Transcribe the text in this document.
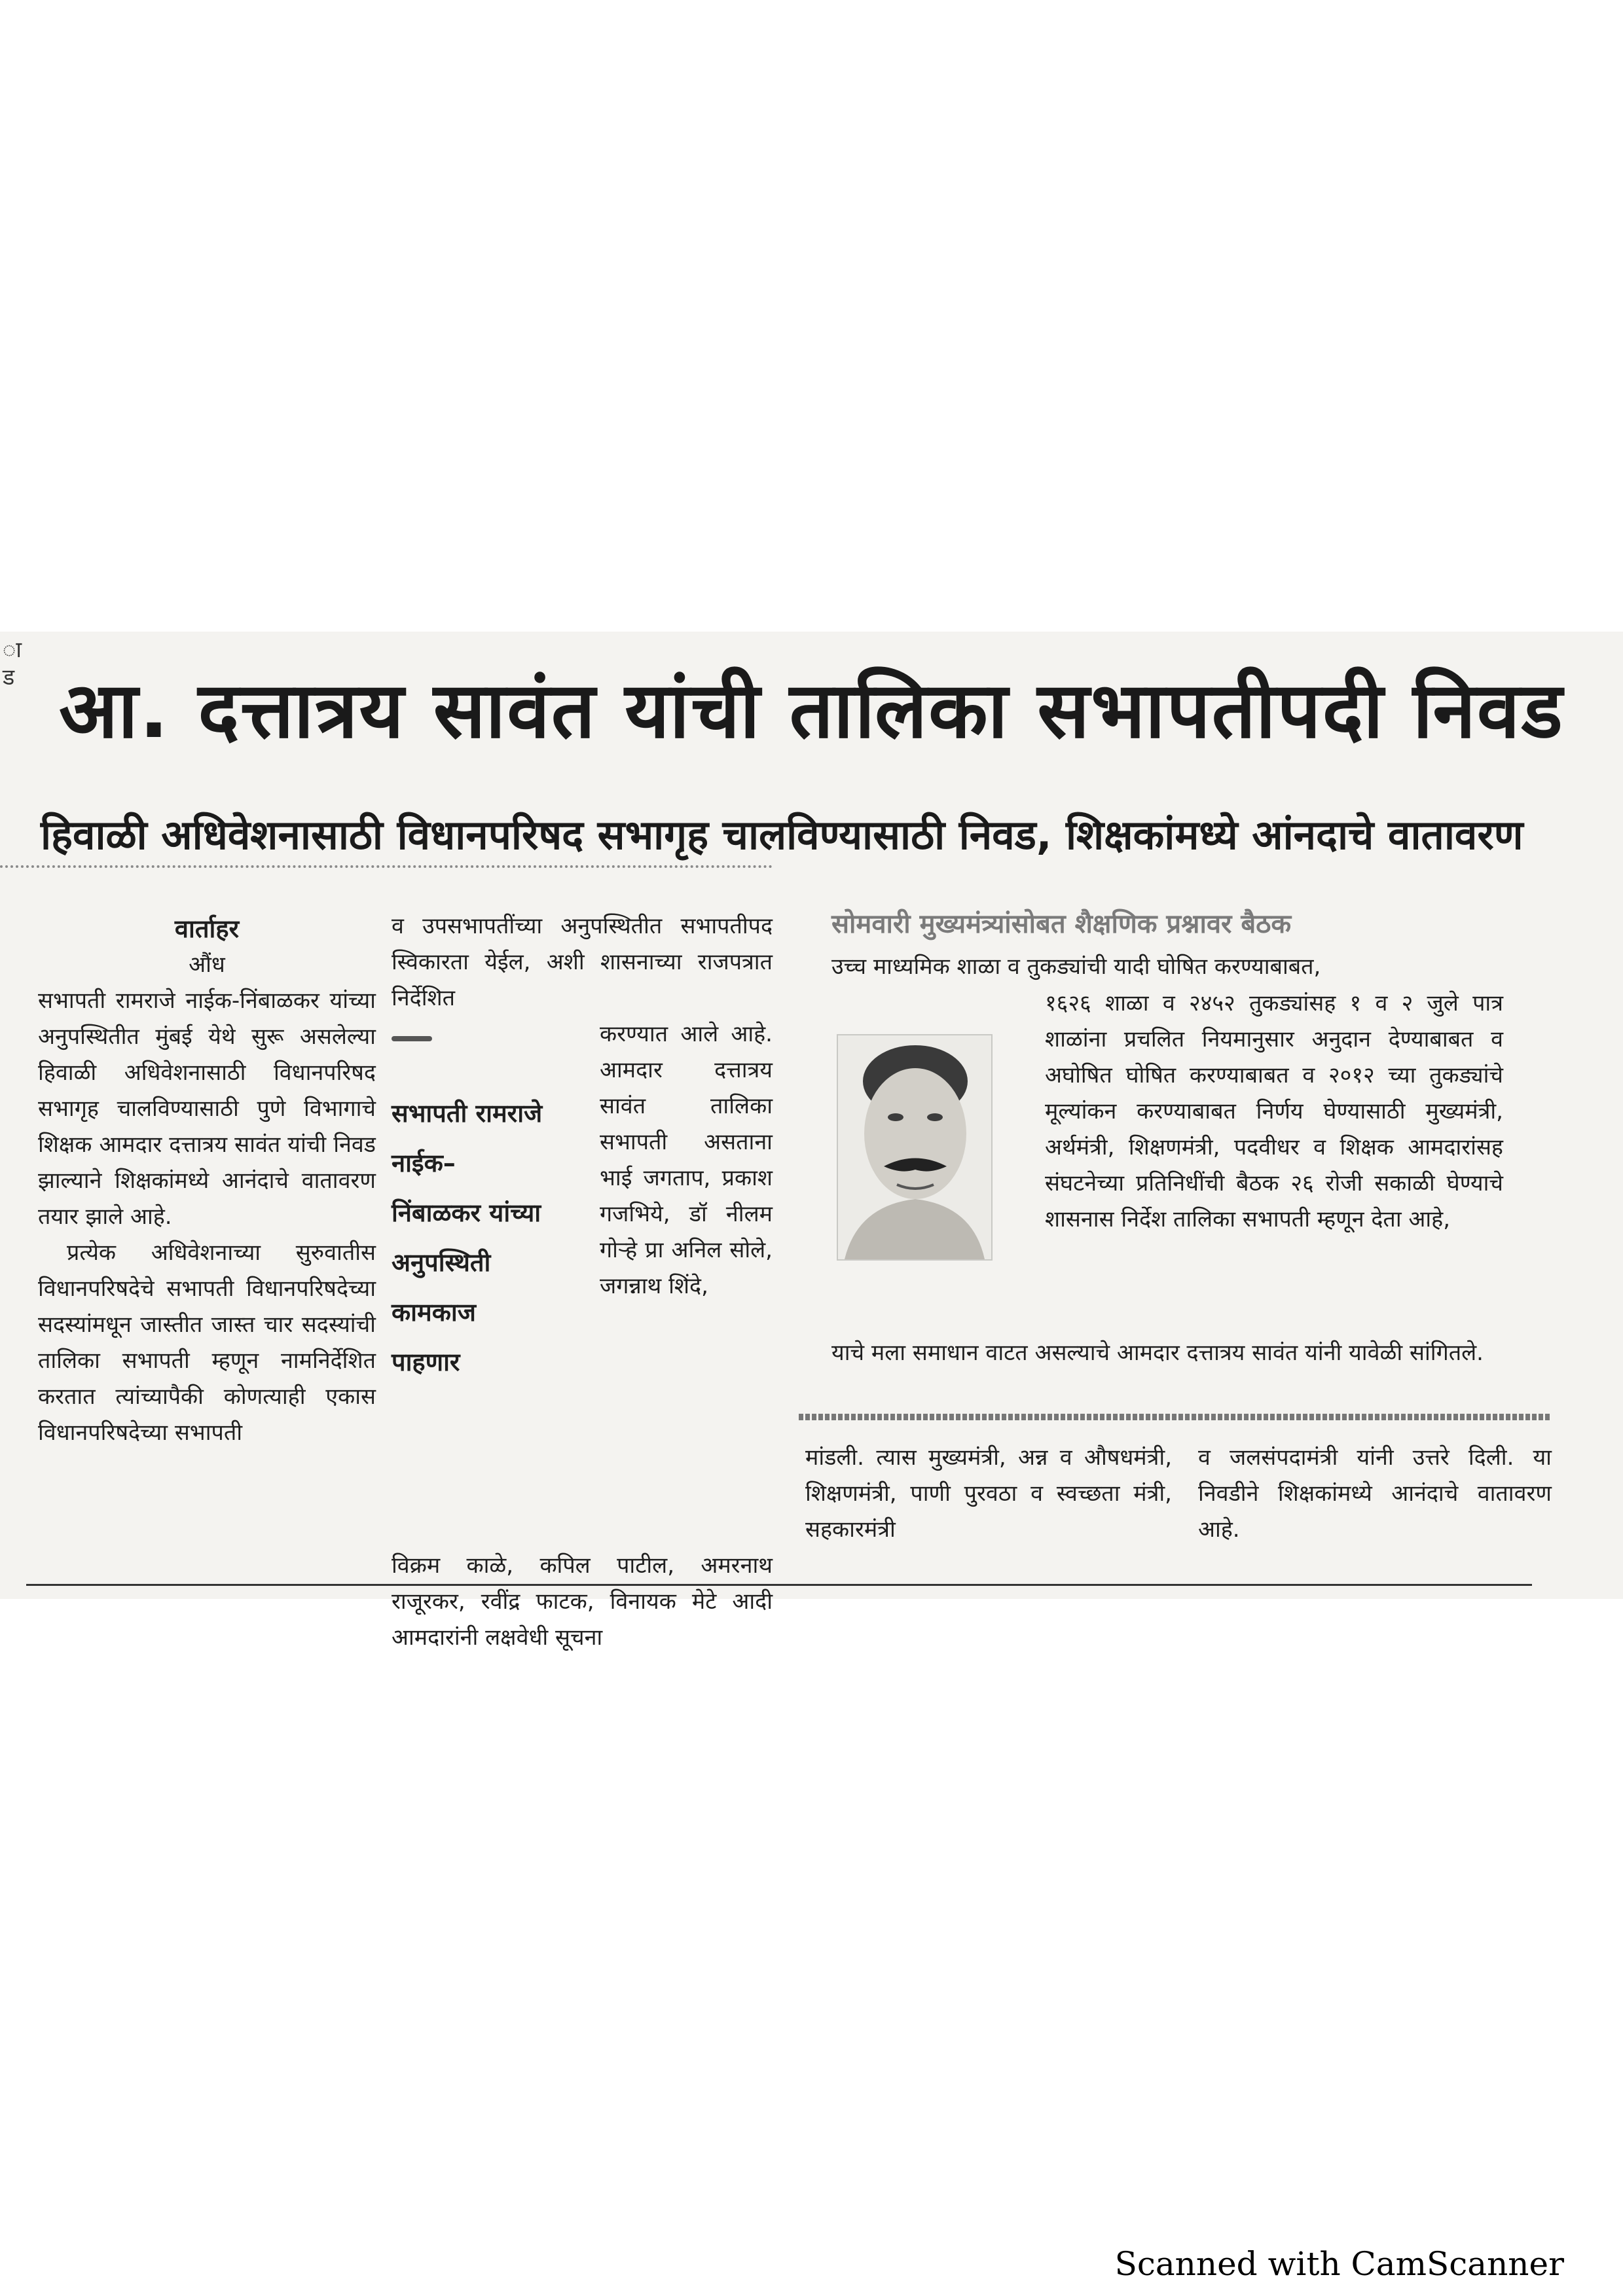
ा
ड आ. दत्तात्रय सावंत यांची तालिका सभापतीपदी निवड
हिवाळी अधिवेशनासाठी विधानपरिषद सभागृह चालविण्यासाठी निवड, शिक्षकांमध्ये आंनदाचे वातावरण

वार्ताहर

औंध

सभापती रामराजे नाईक-निंबाळकर यांच्या अनुपस्थितीत मुंबई येथे सुरू असलेल्या हिवाळी अधिवेशनासाठी विधानपरिषद सभागृह चालविण्यासाठी पुणे विभागाचे शिक्षक आमदार दत्तात्रय सावंत यांची निवड झाल्याने शिक्षकांमध्ये आनंदाचे वातावरण तयार झाले आहे.

प्रत्येक अधिवेशनाच्या सुरुवातीस विधानपरिषदेचे सभापती विधानपरिषदेच्या सदस्यांमधून जास्तीत जास्त चार सदस्यांची तालिका सभापती म्हणून नामनिर्देशित करतात त्यांच्यापैकी कोणत्याही एकास विधानपरिषदेच्या सभापती

व उपसभापतींच्या अनुपस्थितीत सभापतीपद स्विकारता येईल, अशी शासनाच्या राजपत्रात निर्देशित

सभापती रामराजे
नाईक–
निंबाळकर यांच्या
अनुपस्थिती
कामकाज
पाहणार
करण्यात आले आहे. आमदार दत्तात्रय सावंत तालिका सभापती असताना भाई जगताप, प्रकाश गजभिये, डॉ नीलम गोऱ्हे प्रा अनिल सोले, जगन्नाथ शिंदे,
विक्रम काळे, कपिल पाटील, अमरनाथ राजूरकर, रवींद्र फाटक, विनायक मेटे आदी आमदारांनी लक्षवेधी सूचना
सोमवारी मुख्यमंत्र्यांसोबत शैक्षणिक प्रश्नावर बैठक

उच्च माध्यमिक शाळा व तुकड्यांची यादी घोषित करण्याबाबत,

१६२६ शाळा व २४५२ तुकड्यांसह १ व २ जुले पात्र शाळांना प्रचलित नियमानुसार अनुदान देण्याबाबत व अघोषित घोषित करण्याबाबत व २०१२ च्या तुकड्यांचे मूल्यांकन करण्याबाबत निर्णय घेण्यासाठी मुख्यमंत्री, अर्थमंत्री, शिक्षणमंत्री, पदवीधर व शिक्षक आमदारांसह संघटनेच्या प्रतिनिधींची बैठक २६ रोजी सकाळी घेण्याचे शासनास निर्देश तालिका सभापती म्हणून देता आहे,
याचे मला समाधान वाटत असल्याचे आमदार दत्तात्रय सावंत यांनी यावेळी सांगितले.
मांडली. त्यास मुख्यमंत्री, अन्न व औषधमंत्री, शिक्षणमंत्री, पाणी पुरवठा व स्वच्छता मंत्री, सहकारमंत्री
व जलसंपदामंत्री यांनी उत्तरे दिली. या निवडीने शिक्षकांमध्ये आनंदाचे वातावरण आहे.
Scanned with CamScanner
